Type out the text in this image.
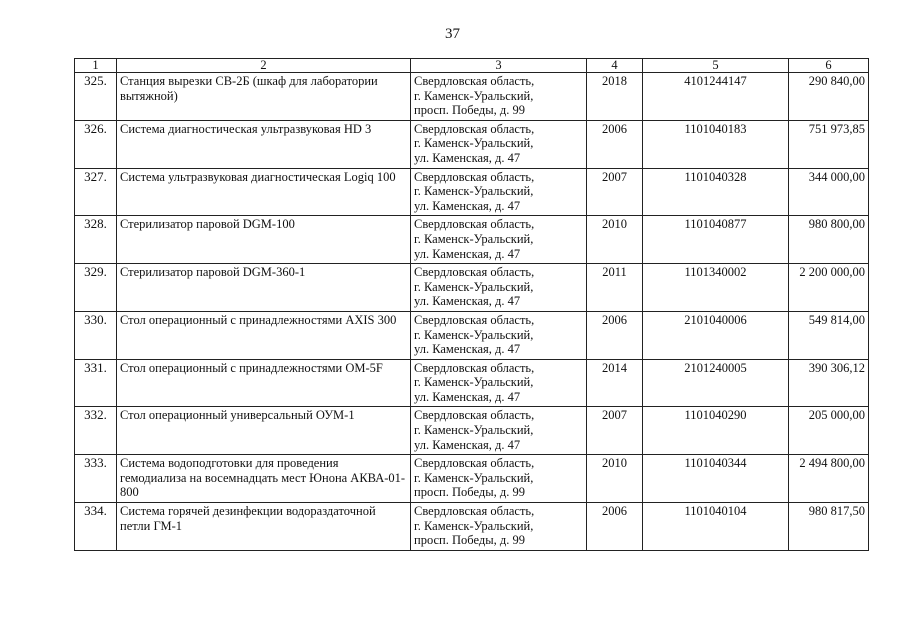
37
1	2	3	4	5	6
325.	Станция вырезки СВ-2Б (шкаф для лаборатории вытяжной)	Свердловская область,
г. Каменск-Уральский,
просп. Победы, д. 99	2018	4101244147	290 840,00
326.	Система диагностическая ультразвуковая HD 3	Свердловская область,
г. Каменск-Уральский,
ул. Каменская, д. 47	2006	1101040183	751 973,85
327.	Система ультразвуковая диагностическая Logiq 100	Свердловская область,
г. Каменск-Уральский,
ул. Каменская, д. 47	2007	1101040328	344 000,00
328.	Стерилизатор паровой DGM-100	Свердловская область,
г. Каменск-Уральский,
ул. Каменская, д. 47	2010	1101040877	980 800,00
329.	Стерилизатор паровой DGM-360-1	Свердловская область,
г. Каменск-Уральский,
ул. Каменская, д. 47	2011	1101340002	2 200 000,00
330.	Стол операционный с принадлежностями AXIS 300	Свердловская область,
г. Каменск-Уральский,
ул. Каменская, д. 47	2006	2101040006	549 814,00
331.	Стол операционный с принадлежностями ОМ-5F	Свердловская область,
г. Каменск-Уральский,
ул. Каменская, д. 47	2014	2101240005	390 306,12
332.	Стол операционный универсальный ОУМ-1	Свердловская область,
г. Каменск-Уральский,
ул. Каменская, д. 47	2007	1101040290	205 000,00
333.	Система водоподготовки для проведения гемодиализа на восемнадцать мест Юнона АКВА-01-800	Свердловская область,
г. Каменск-Уральский,
просп. Победы, д. 99	2010	1101040344	2 494 800,00
334.	Система горячей дезинфекции водораздаточной петли ГМ-1	Свердловская область,
г. Каменск-Уральский,
просп. Победы, д. 99	2006	1101040104	980 817,50
